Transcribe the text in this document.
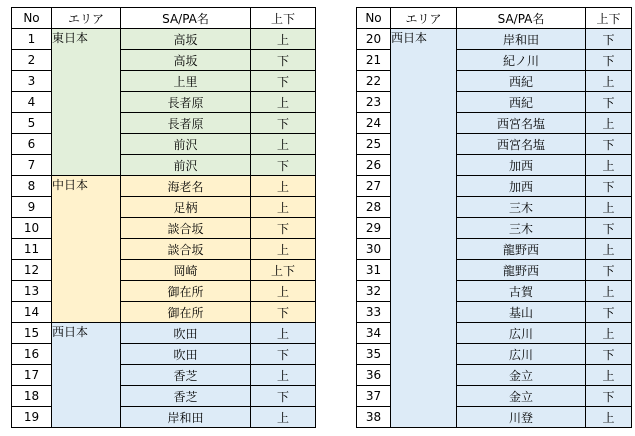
No	エリア	SA/PA名	上下
1	東日本	高坂	上
2		高坂	下
3		上里	下
4		長者原	上
5		長者原	下
6		前沢	上
7		前沢	下
8	中日本	海老名	上
9		足柄	上
10		談合坂	下
11		談合坂	上
12		岡崎	上下
13		御在所	上
14		御在所	下
15	西日本	吹田	上
16		吹田	下
17		香芝	上
18		香芝	下
19		岸和田	上
No	エリア	SA/PA名	上下
20	西日本	岸和田	下
21		紀ノ川	下
22		西紀	上
23		西紀	下
24		西宮名塩	上
25		西宮名塩	下
26		加西	上
27		加西	下
28		三木	上
29		三木	下
30		龍野西	上
31		龍野西	下
32		古賀	上
33		基山	下
34		広川	上
35		広川	下
36		金立	上
37		金立	下
38		川登	上
